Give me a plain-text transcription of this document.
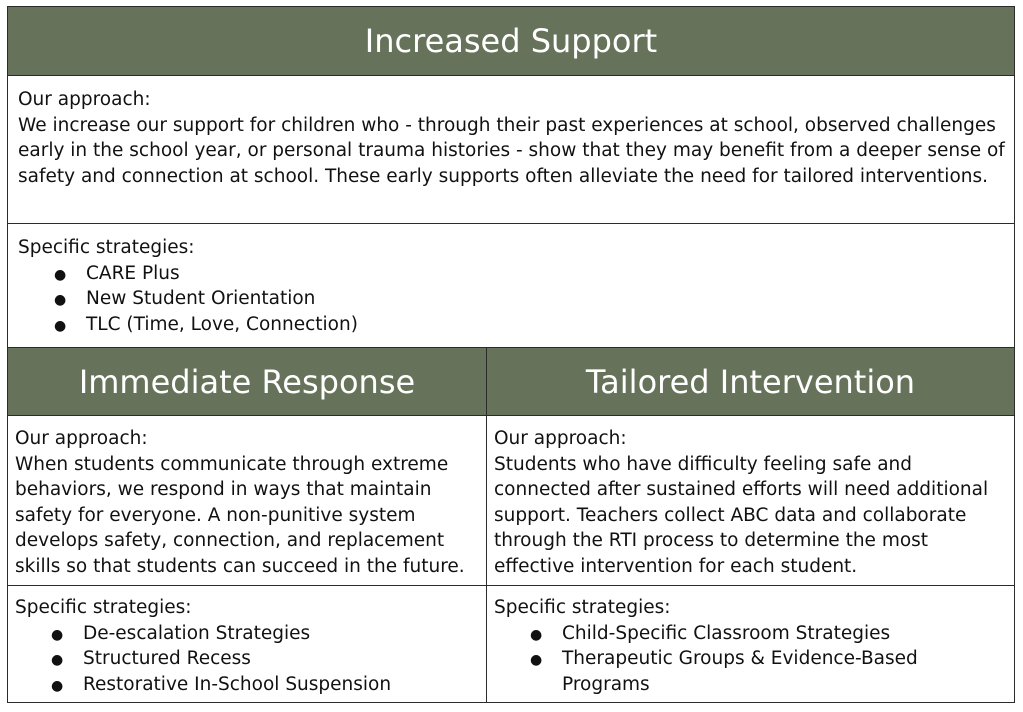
Increased Support
Our approach:
We increase our support for children who - through their past experiences at school, observed challenges early in the school year, or personal trauma histories - show that they may benefit from a deeper sense of safety and connection at school. These early supports often alleviate the need for tailored interventions.
Specific strategies:
●
CARE Plus
●
New Student Orientation
●
TLC (Time, Love, Connection)
Immediate Response	Tailored Intervention
Our approach:
When students communicate through extreme behaviors, we respond in ways that maintain safety for everyone. A non-punitive system develops safety, connection, and replacement skills so that students can succeed in the future.
Our approach:
Students who have difficulty feeling safe and connected after sustained efforts will need additional support. Teachers collect ABC data and collaborate through the RTI process to determine the most effective intervention for each student.
Specific strategies:
●
De-escalation Strategies
●
Structured Recess
●
Restorative In-School Suspension
Specific strategies:
●
Child-Specific Classroom Strategies
●
Therapeutic Groups & Evidence-Based Programs
